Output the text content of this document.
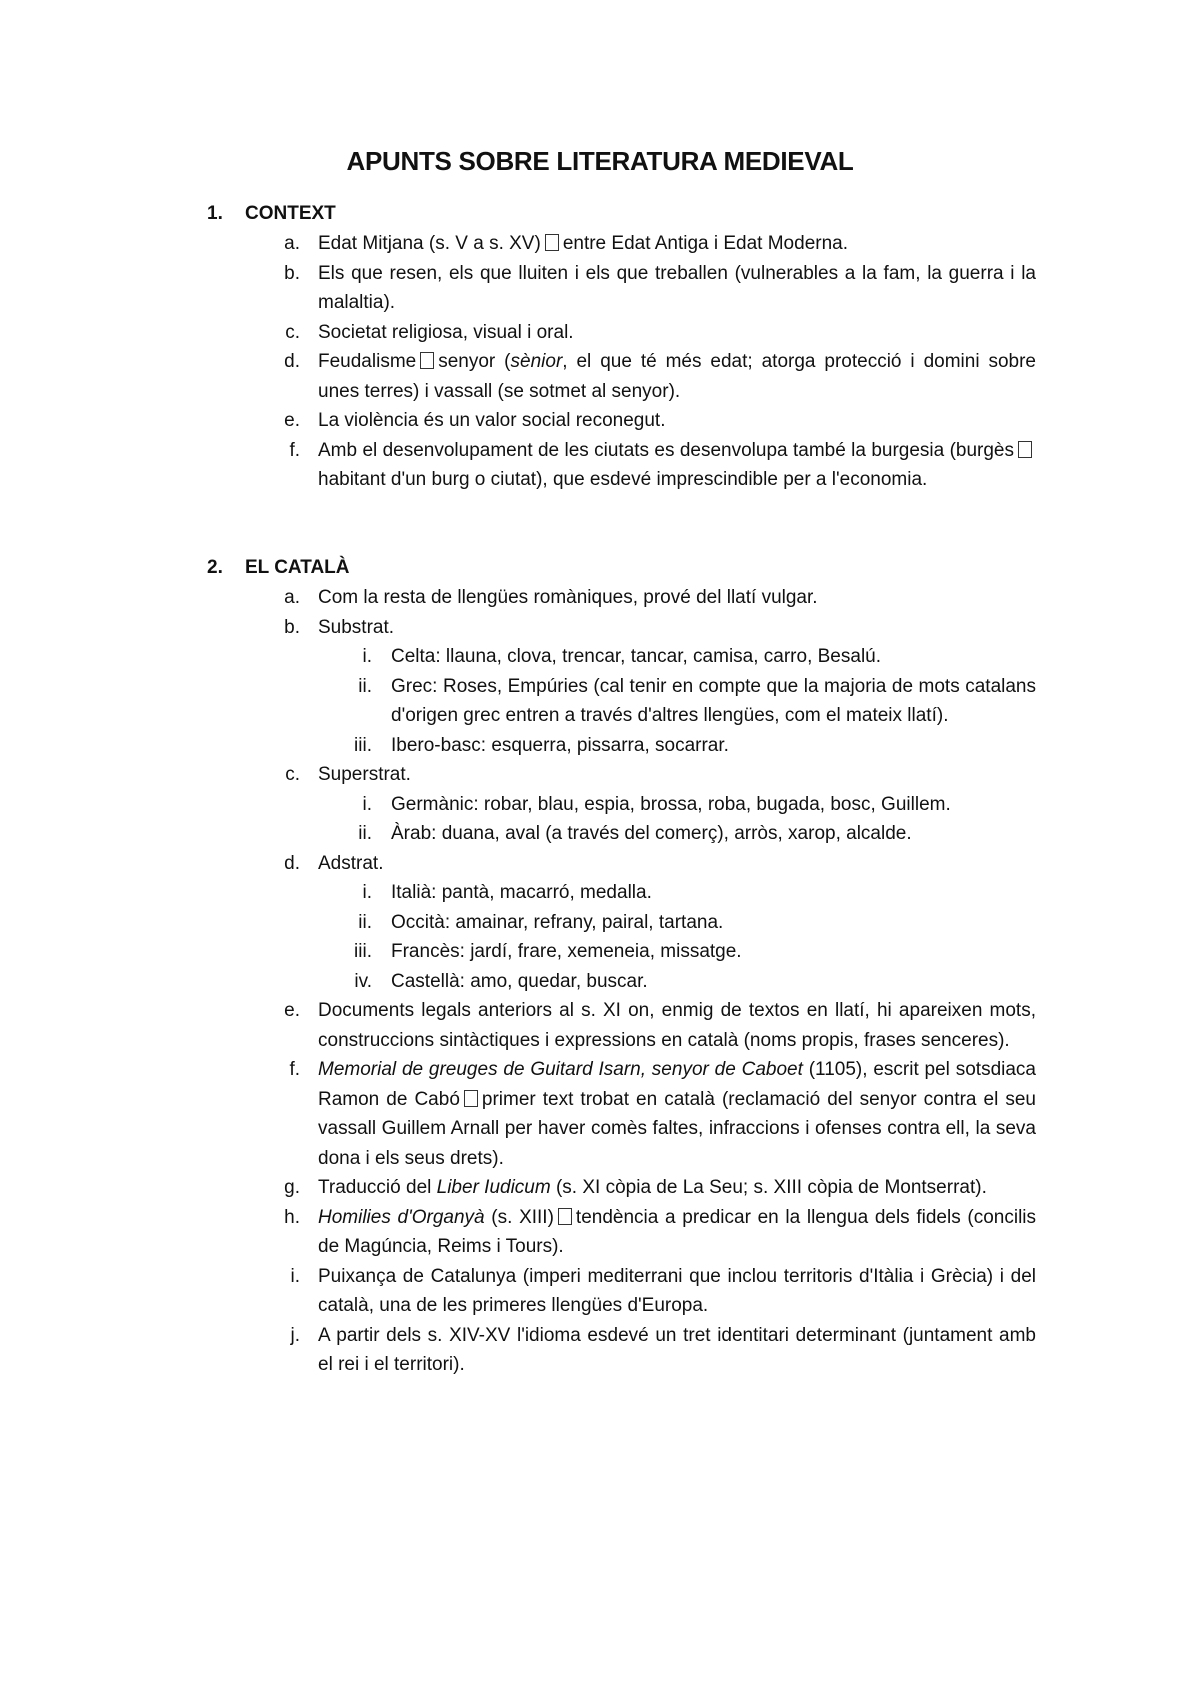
APUNTS SOBRE LITERATURA MEDIEVAL
1. CONTEXT
a. Edat Mitjana (s. V a s. XV) entre Edat Antiga i Edat Moderna.
b. Els que resen, els que lluiten i els que treballen (vulnerables a la fam, la guerra i la malaltia).
c. Societat religiosa, visual i oral.
d. Feudalisme senyor (sènior, el que té més edat; atorga protecció i domini sobre unes terres) i vassall (se sotmet al senyor).
e. La violència és un valor social reconegut.
f. Amb el desenvolupament de les ciutats es desenvolupa també la burgesia (burgèshabitant d'un burg o ciutat), que esdevé imprescindible per a l'economia.
2. EL CATALÀ
a. Com la resta de llengües romàniques, prové del llatí vulgar.
b. Substrat.
i. Celta: llauna, clova, trencar, tancar, camisa, carro, Besalú.
ii. Grec: Roses, Empúries (cal tenir en compte que la majoria de mots catalans d'origen grec entren a través d'altres llengües, com el mateix llatí).
iii. Ibero-basc: esquerra, pissarra, socarrar.
c. Superstrat.
i. Germànic: robar, blau, espia, brossa, roba, bugada, bosc, Guillem.
ii. Àrab: duana, aval (a través del comerç), arròs, xarop, alcalde.
d. Adstrat.
i. Italià: pantà, macarró, medalla.
ii. Occità: amainar, refrany, pairal, tartana.
iii. Francès: jardí, frare, xemeneia, missatge.
iv. Castellà: amo, quedar, buscar.
e. Documents legals anteriors al s. XI on, enmig de textos en llatí, hi apareixen mots, construccions sintàctiques i expressions en català (noms propis, frases senceres).
f. Memorial de greuges de Guitard Isarn, senyor de Caboet (1105), escrit pel sotsdiaca Ramon de Cabó primer text trobat en català (reclamació del senyor contra el seu vassall Guillem Arnall per haver comès faltes, infraccions i ofenses contra ell, la seva dona i els seus drets).
g. Traducció del Liber Iudicum (s. XI còpia de La Seu; s. XIII còpia de Montserrat).
h. Homilies d'Organyà (s. XIII) tendència a predicar en la llengua dels fidels (concilis de Magúncia, Reims i Tours).
i. Puixança de Catalunya (imperi mediterrani que inclou territoris d'Itàlia i Grècia) i del català, una de les primeres llengües d'Europa.
j. A partir dels s. XIV-XV l'idioma esdevé un tret identitari determinant (juntament amb el rei i el territori).
